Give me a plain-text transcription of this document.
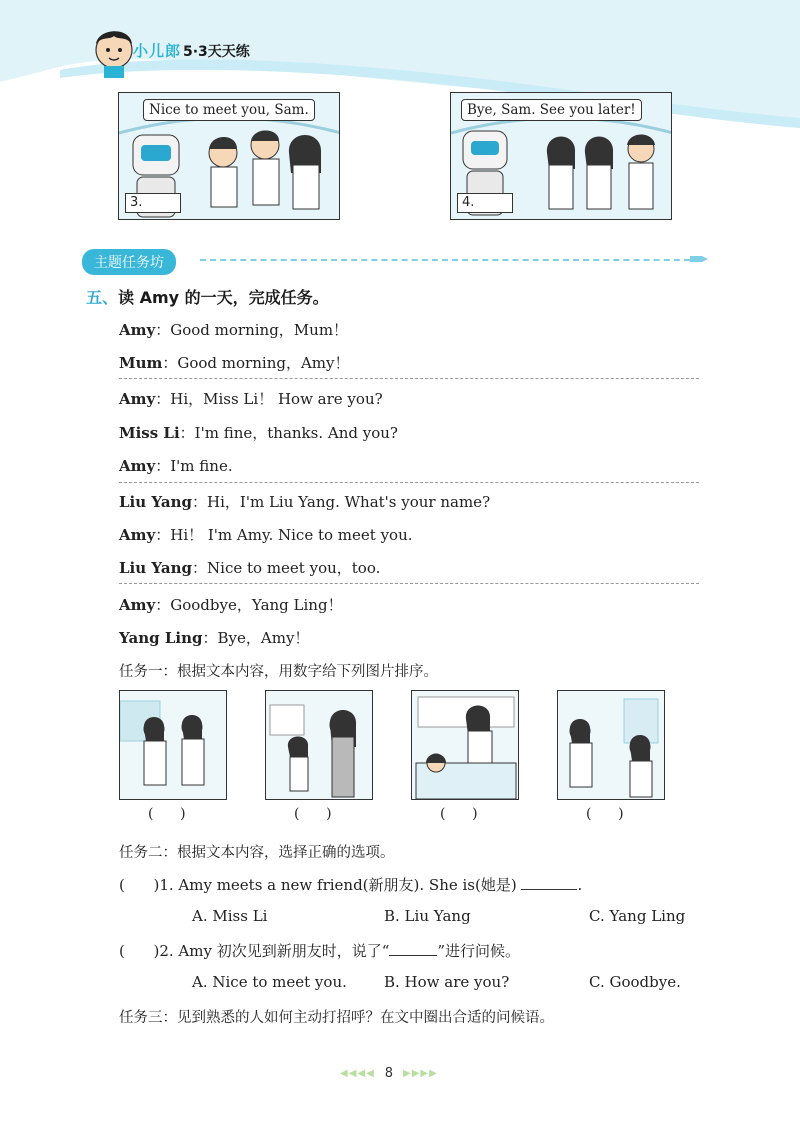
小儿郎 5·3天天练
Nice to meet you, Sam.
3.
Bye, Sam. See you later!
4.
主题任务坊
五、读 Amy 的一天，完成任务。
Amy：Good morning，Mum！
Mum：Good morning，Amy！
Amy：Hi，Miss Li！ How are you?
Miss Li：I'm fine，thanks. And you?
Amy：I'm fine.
Liu Yang：Hi，I'm Liu Yang. What's your name?
Amy：Hi！ I'm Amy. Nice to meet you.
Liu Yang：Nice to meet you，too.
Amy：Goodbye，Yang Ling！
Yang Ling：Bye，Amy！
任务一：根据文本内容，用数字给下列图片排序。
(      )	(      )	(      )	(      )
任务二：根据文本内容，选择正确的选项。
(      )1. Amy meets a new friend(新朋友). She is(她是)	.
A. Miss Li	B. Liu Yang	C. Yang Ling
(      )2. Amy 初次见到新朋友时，说了“	”进行问候。
A. Nice to meet you. B. How are you?	C. Goodbye.
任务三：见到熟悉的人如何主动打招呼？在文中圈出合适的问候语。
◀◀◀◀ 8 ▶▶▶▶
